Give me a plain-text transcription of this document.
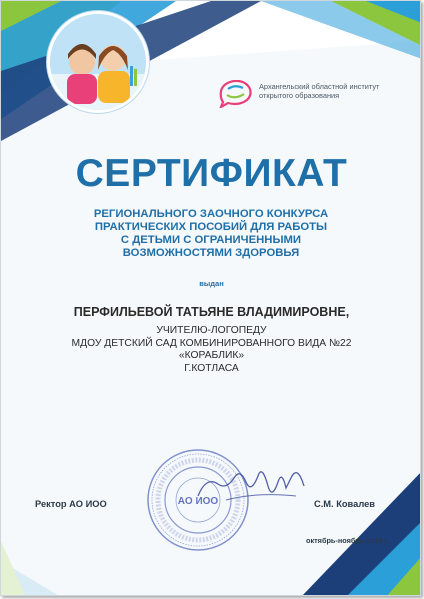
Архангельский областной институт
открытого образования
СЕРТИФИКАТ
РЕГИОНАЛЬНОГО ЗАОЧНОГО КОНКУРСА
ПРАКТИЧЕСКИХ ПОСОБИЙ ДЛЯ РАБОТЫ
С ДЕТЬМИ С ОГРАНИЧЕННЫМИ
ВОЗМОЖНОСТЯМИ ЗДОРОВЬЯ
выдан
ПЕРФИЛЬЕВОЙ ТАТЬЯНЕ ВЛАДИМИРОВНЕ,
УЧИТЕЛЮ-ЛОГОПЕДУ
МДОУ ДЕТСКИЙ САД КОМБИНИРОВАННОГО ВИДА №22
«КОРАБЛИК»
Г.КОТЛАСА
АО ИОО
Ректор АО ИОО	С.М. Ковалев
октябрь-ноябрь 2019 г.
